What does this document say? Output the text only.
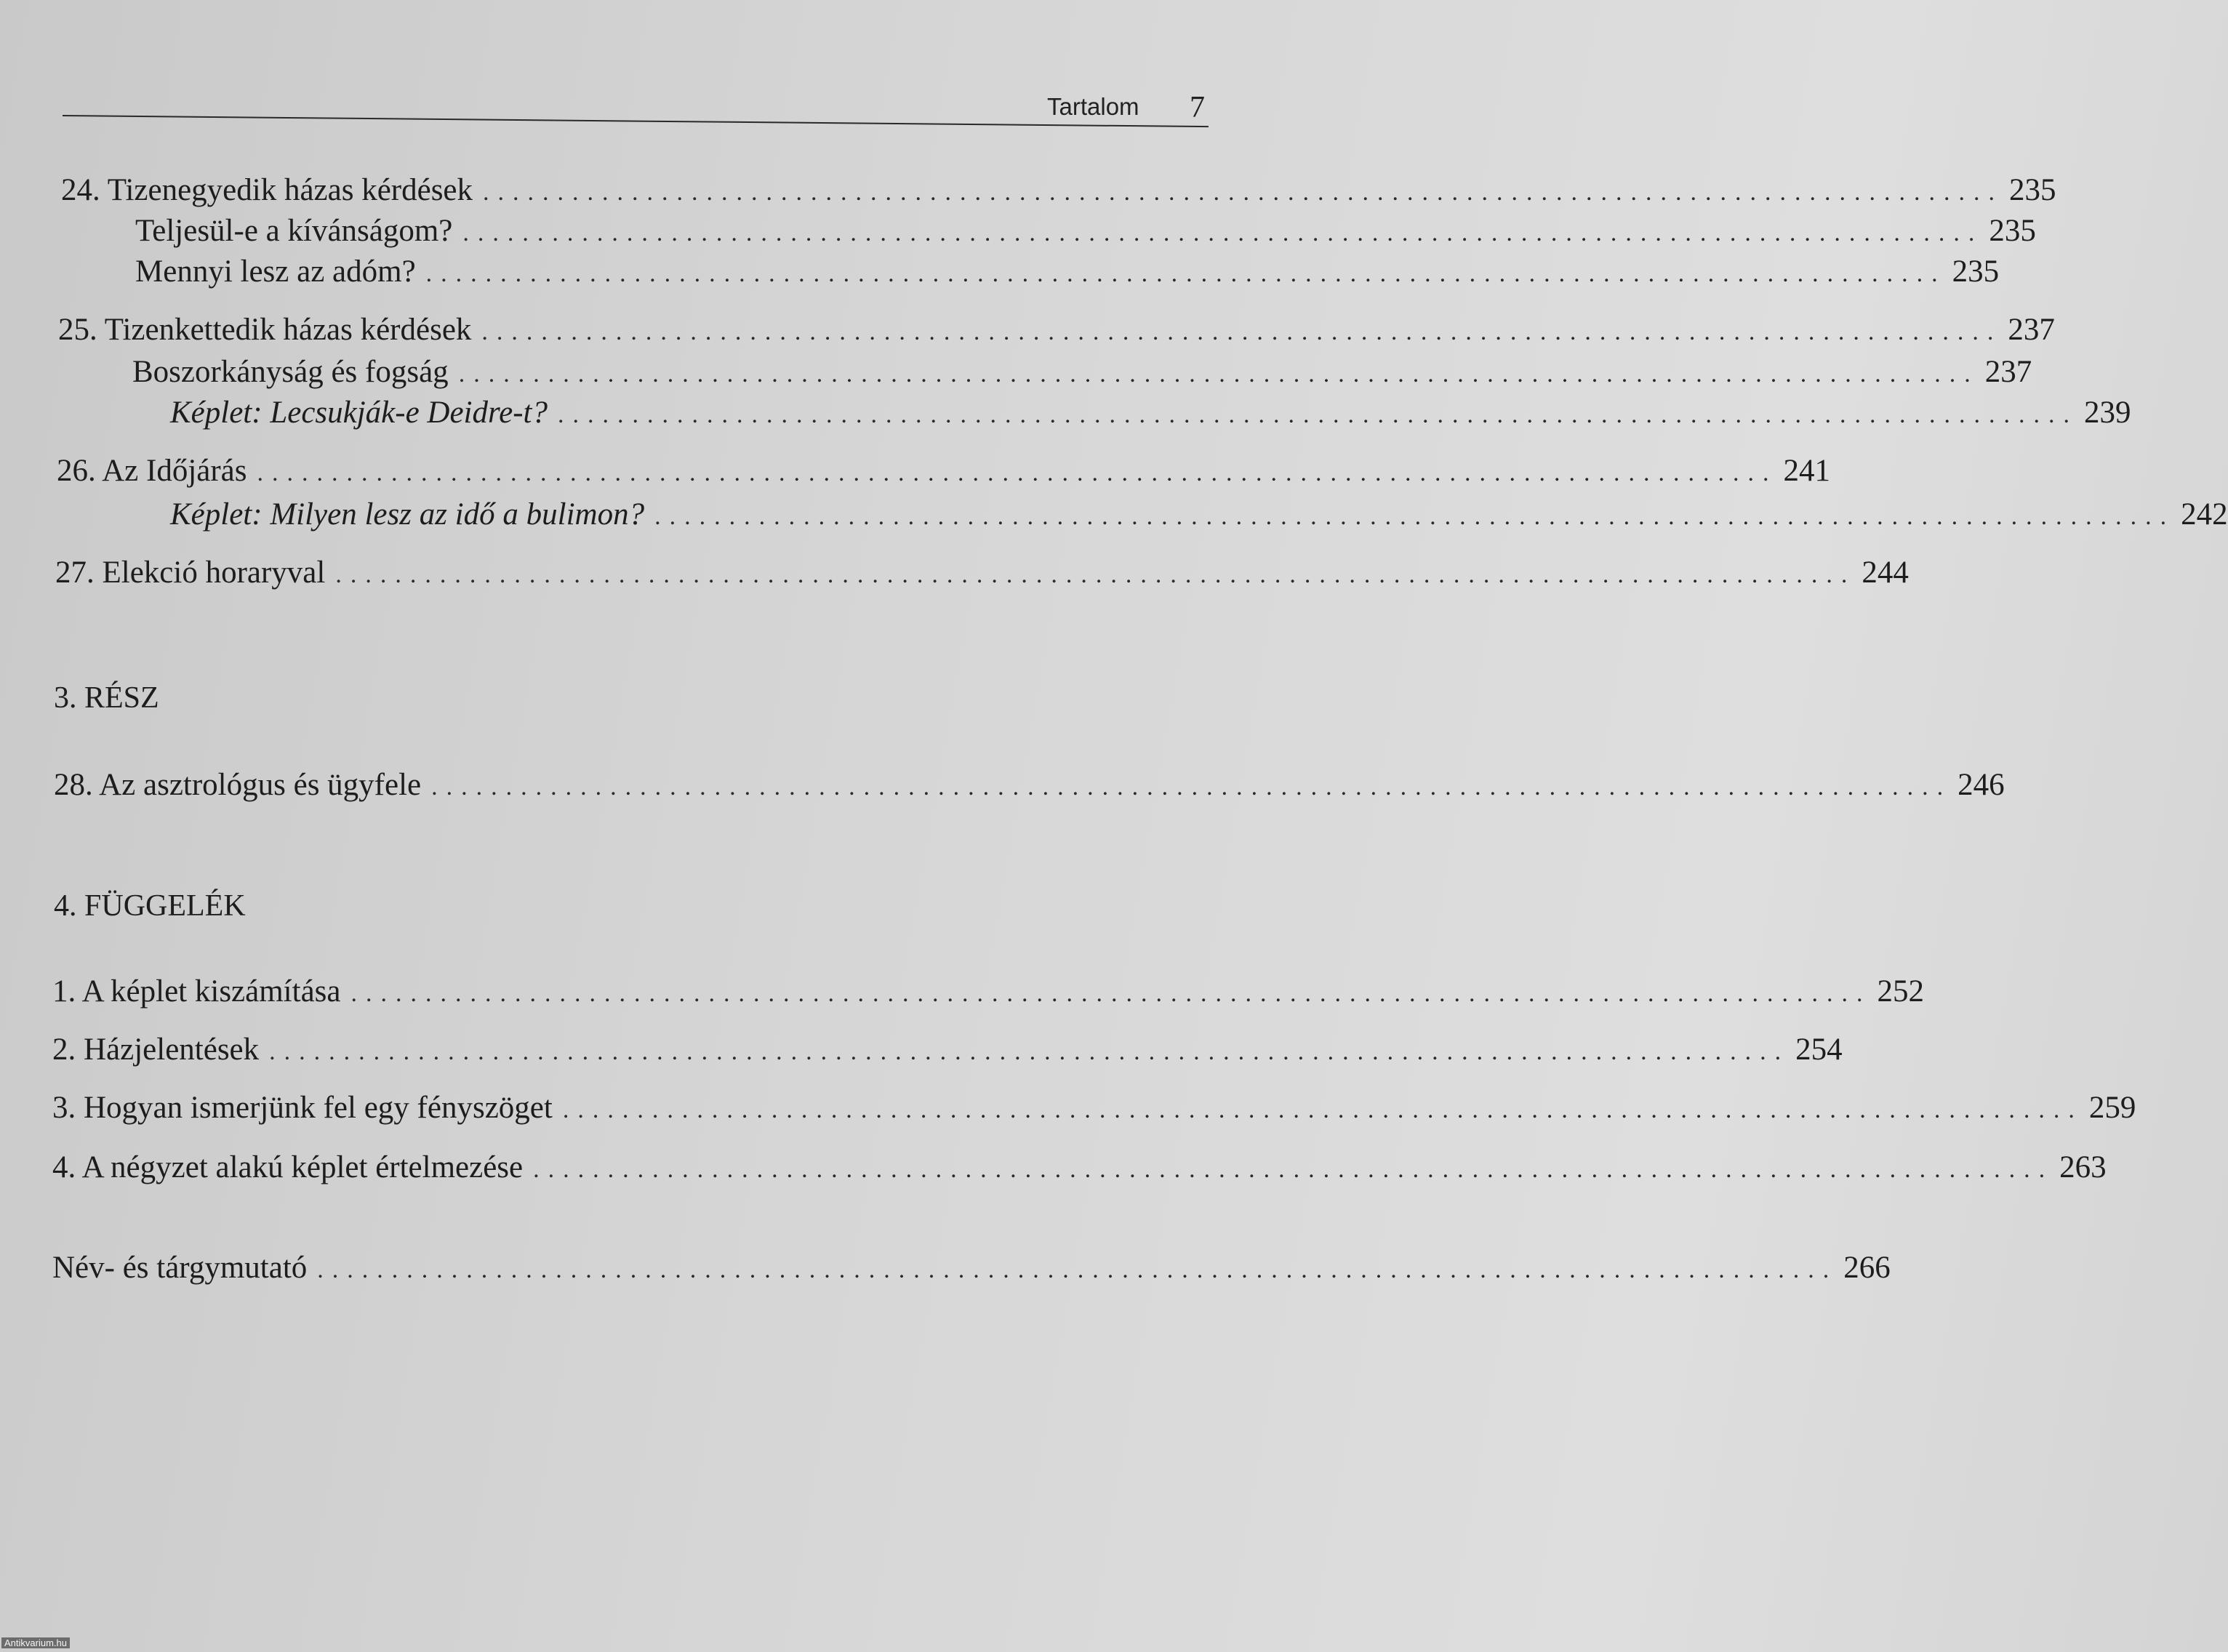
Tartalom 7
24. Tizenegyedik házas kérdések ...................................................................................................... 235
Teljesül-e a kívánságom? ...................................................................................................... 235
Mennyi lesz az adóm? ...................................................................................................... 235
25. Tizenkettedik házas kérdések ...................................................................................................... 237
Boszorkányság és fogság ...................................................................................................... 237
Képlet: Lecsukják-e Deidre-t? ...................................................................................................... 239
26. Az Időjárás ...................................................................................................... 241
Képlet: Milyen lesz az idő a bulimon? ...................................................................................................... 242
27. Elekció horaryval ...................................................................................................... 244
3. RÉSZ
28. Az asztrológus és ügyfele ...................................................................................................... 246
4. FÜGGELÉK
1. A képlet kiszámítása ...................................................................................................... 252
2. Házjelentések ...................................................................................................... 254
3. Hogyan ismerjünk fel egy fényszöget ...................................................................................................... 259
4. A négyzet alakú képlet értelmezése ...................................................................................................... 263
Név- és tárgymutató ...................................................................................................... 266
Antikvarium.hu
